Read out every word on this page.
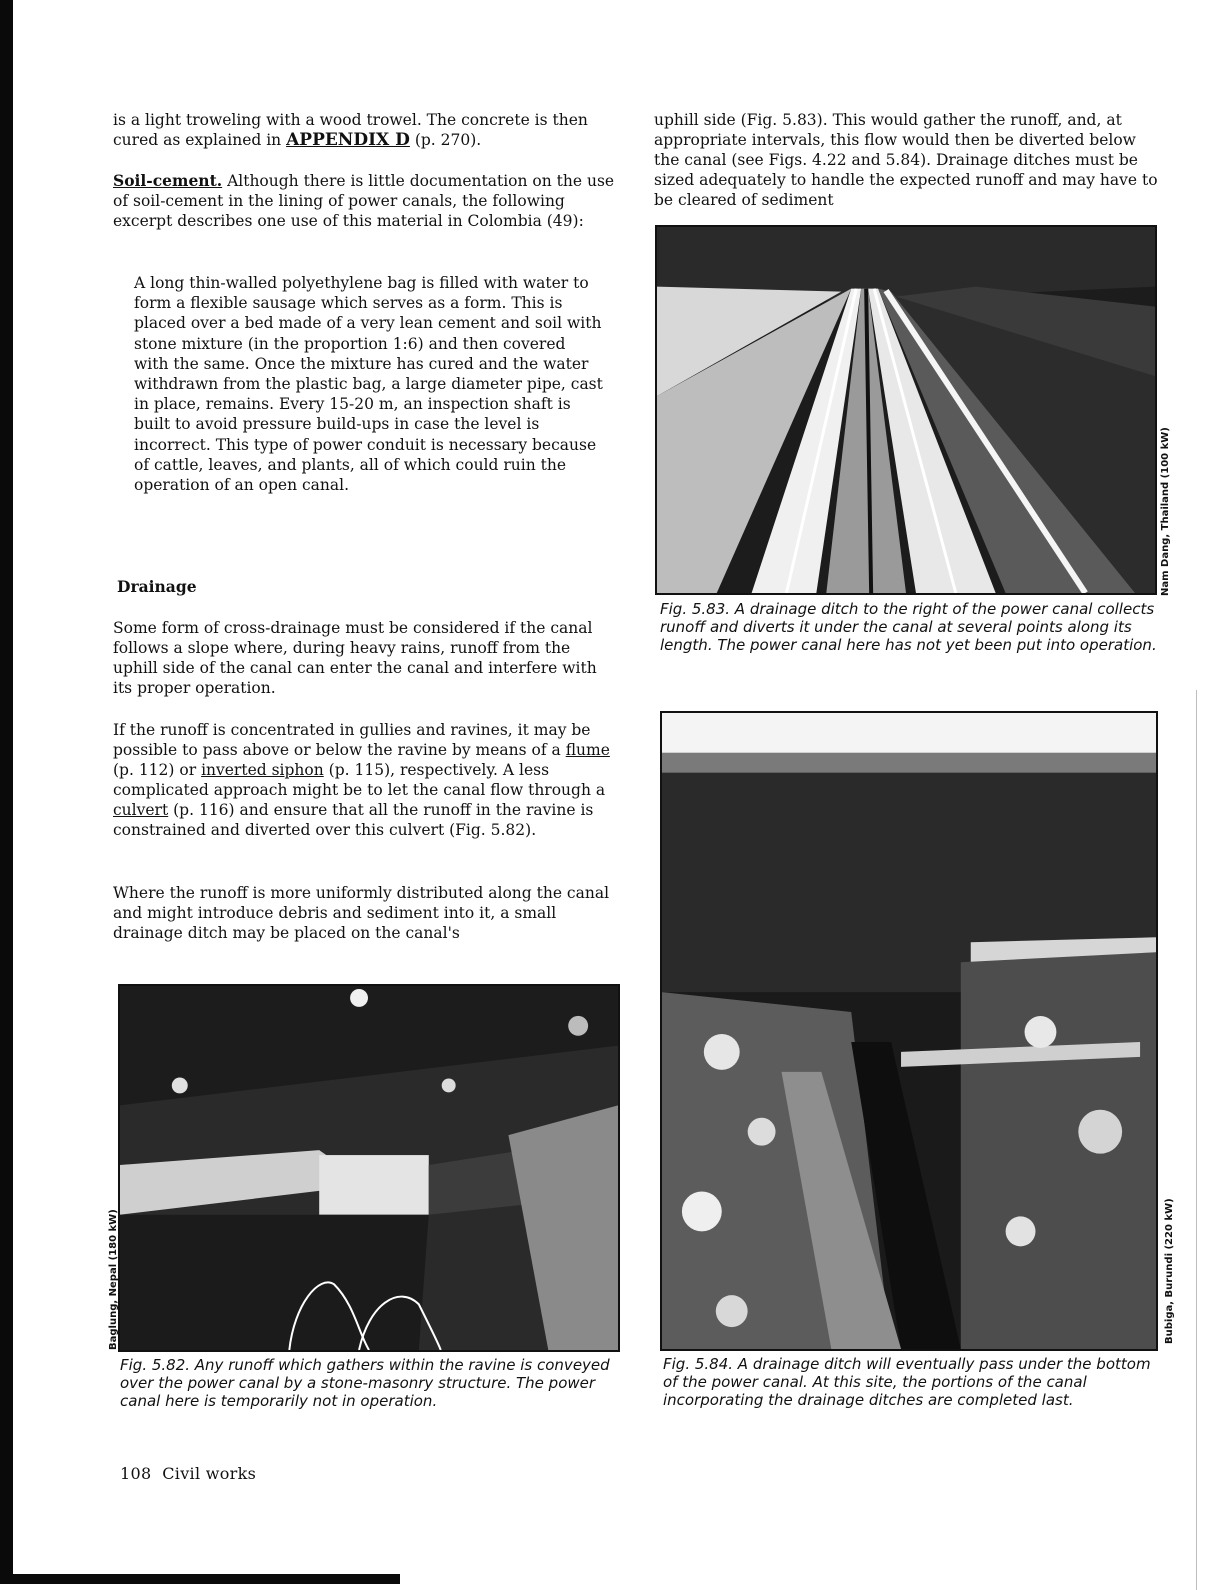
is a light troweling with a wood trowel. The concrete is then cured as explained in APPENDIX D (p. 270).

Soil-cement. Although there is little documentation on the use of soil-cement in the lining of power canals, the following excerpt describes one use of this material in Colombia (49):

A long thin-walled polyethylene bag is filled with water to form a flexible sausage which serves as a form. This is placed over a bed made of a very lean cement and soil with stone mixture (in the proportion 1:6) and then covered with the same. Once the mixture has cured and the water withdrawn from the plastic bag, a large diameter pipe, cast in place, remains. Every 15-20 m, an inspection shaft is built to avoid pressure build-ups in case the level is incorrect. This type of power conduit is necessary because of cattle, leaves, and plants, all of which could ruin the operation of an open canal.
Drainage
Some form of cross-drainage must be considered if the canal follows a slope where, during heavy rains, runoff from the uphill side of the canal can enter the canal and interfere with its proper operation.

If the runoff is concentrated in gullies and ravines, it may be possible to pass above or below the ravine by means of a flume (p. 112) or inverted siphon (p. 115), respectively. A less complicated approach might be to let the canal flow through a culvert (p. 116) and ensure that all the runoff in the ravine is constrained and diverted over this culvert (Fig. 5.82).

Where the runoff is more uniformly distributed along the canal and might introduce debris and sediment into it, a small drainage ditch may be placed on the canal's
uphill side (Fig. 5.83). This would gather the runoff, and, at appropriate intervals, this flow would then be diverted below the canal (see Figs. 4.22 and 5.84). Drainage ditches must be sized adequately to handle the expected runoff and may have to be cleared of sediment
Nam Dang, Thailand (100 kW)
Fig. 5.83. A drainage ditch to the right of the power canal collects runoff and diverts it under the canal at several points along its length. The power canal here has not yet been put into operation.
Bubiga, Burundi (220 kW)
Fig. 5.84. A drainage ditch will eventually pass under the bottom of the power canal. At this site, the portions of the canal incorporating the drainage ditches are completed last.
Baglung, Nepal (180 kW)
Fig. 5.82. Any runoff which gathers within the ravine is conveyed over the power canal by a stone-masonry structure. The power canal here is temporarily not in operation.
108 Civil works
